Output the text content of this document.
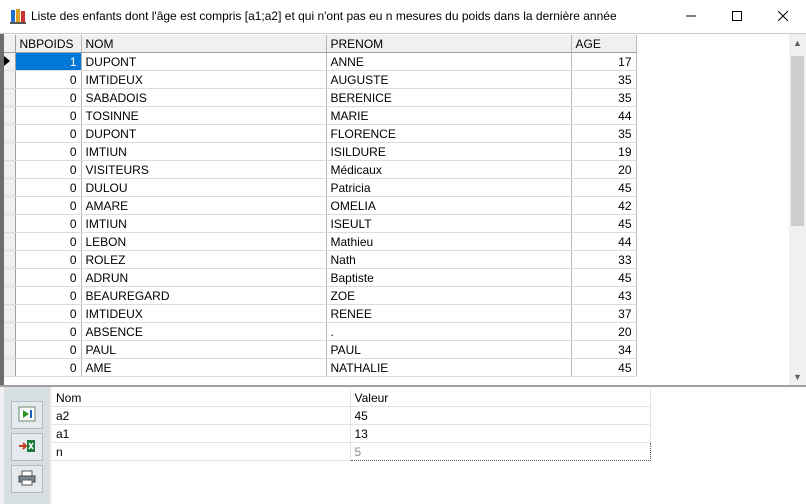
Liste des enfants dont l'âge est compris [a1;a2] et qui n'ont pas eu n mesures du poids dans la dernière année
	NBPOIDS	NOM	PRENOM	AGE
	1	DUPONT	ANNE	17
	0	IMTIDEUX	AUGUSTE	35
	0	SABADOIS	BERENICE	35
	0	TOSINNE	MARIE	44
	0	DUPONT	FLORENCE	35
	0	IMTIUN	ISILDURE	19
	0	VISITEURS	Médicaux	20
	0	DULOU	Patricia	45
	0	AMARE	OMELIA	42
	0	IMTIUN	ISEULT	45
	0	LEBON	Mathieu	44
	0	ROLEZ	Nath	33
	0	ADRUN	Baptiste	45
	0	BEAUREGARD	ZOE	43
	0	IMTIDEUX	RENEE	37
	0	ABSENCE	.	20
	0	PAUL	PAUL	34
	0	AME	NATHALIE	45
▲
▼
Nom	Valeur
a2	45
a1	13
n	5
